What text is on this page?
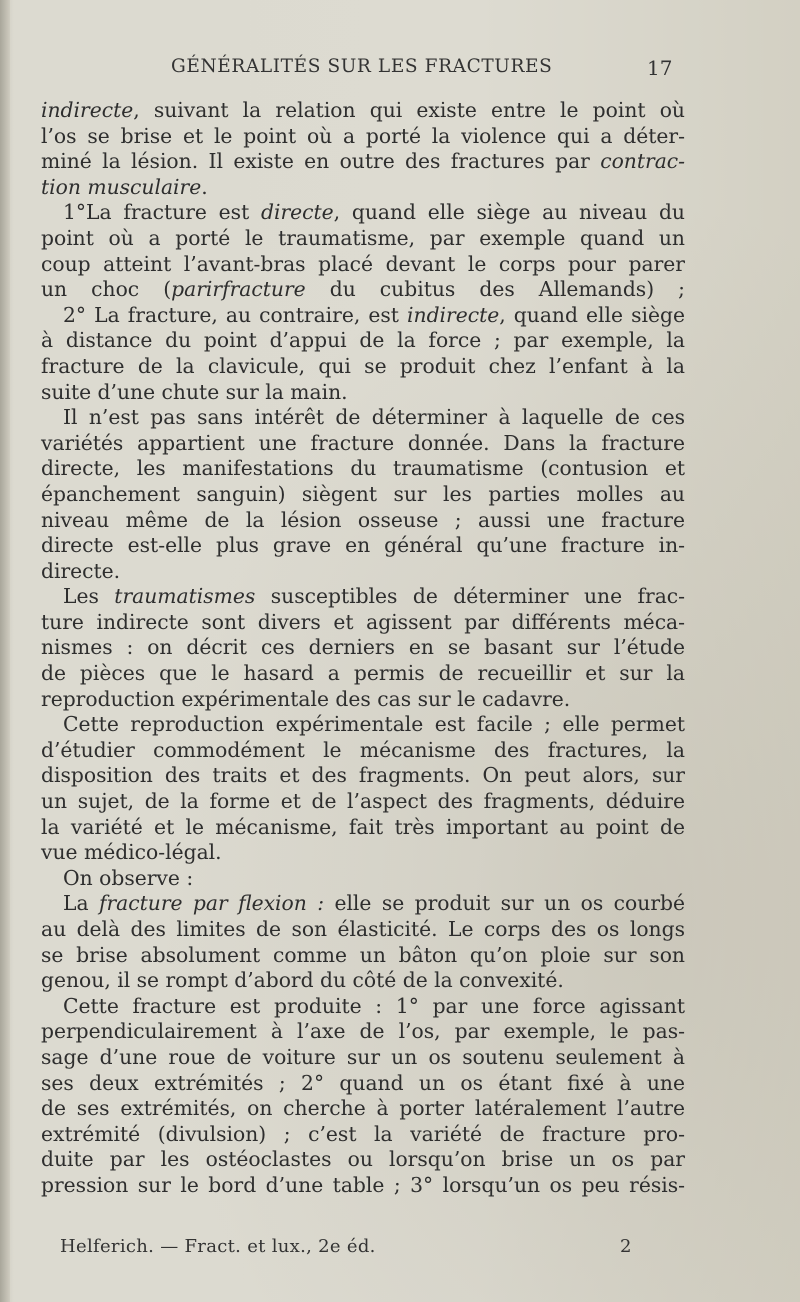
GÉNÉRALITÉS SUR LES FRACTURES	17
indirecte, suivant la relation qui existe entre le point où
l’os se brise et le point où a porté la violence qui a déter-
miné la lésion. Il existe en outre des fractures par contrac-
tion musculaire.
1°La fracture est directe, quand elle siège au niveau du
point où a porté le traumatisme, par exemple quand un
coup atteint l’avant-bras placé devant le corps pour parer
un choc (parirfracture du cubitus des Allemands) ;
2° La fracture, au contraire, est indirecte, quand elle siège
à distance du point d’appui de la force ; par exemple, la
fracture de la clavicule, qui se produit chez l’enfant à la
suite d’une chute sur la main.
Il n’est pas sans intérêt de déterminer à laquelle de ces
variétés appartient une fracture donnée. Dans la fracture
directe, les manifestations du traumatisme (contusion et
épanchement sanguin) siègent sur les parties molles au
niveau même de la lésion osseuse ; aussi une fracture
directe est-elle plus grave en général qu’une fracture in-
directe.
Les traumatismes susceptibles de déterminer une frac-
ture indirecte sont divers et agissent par différents méca-
nismes : on décrit ces derniers en se basant sur l’étude
de pièces que le hasard a permis de recueillir et sur la
reproduction expérimentale des cas sur le cadavre.
Cette reproduction expérimentale est facile ; elle permet
d’étudier commodément le mécanisme des fractures, la
disposition des traits et des fragments. On peut alors, sur
un sujet, de la forme et de l’aspect des fragments, déduire
la variété et le mécanisme, fait très important au point de
vue médico-légal.
On observe :
La fracture par flexion : elle se produit sur un os courbé
au delà des limites de son élasticité. Le corps des os longs
se brise absolument comme un bâton qu’on ploie sur son
genou, il se rompt d’abord du côté de la convexité.
Cette fracture est produite : 1° par une force agissant
perpendiculairement à l’axe de l’os, par exemple, le pas-
sage d’une roue de voiture sur un os soutenu seulement à
ses deux extrémités ; 2° quand un os étant fixé à une
de ses extrémités, on cherche à porter latéralement l’autre
extrémité (divulsion) ; c’est la variété de fracture pro-
duite par les ostéoclastes ou lorsqu’on brise un os par
pression sur le bord d’une table ; 3° lorsqu’un os peu résis-
Helferich. — Fract. et lux., 2e éd.	2
